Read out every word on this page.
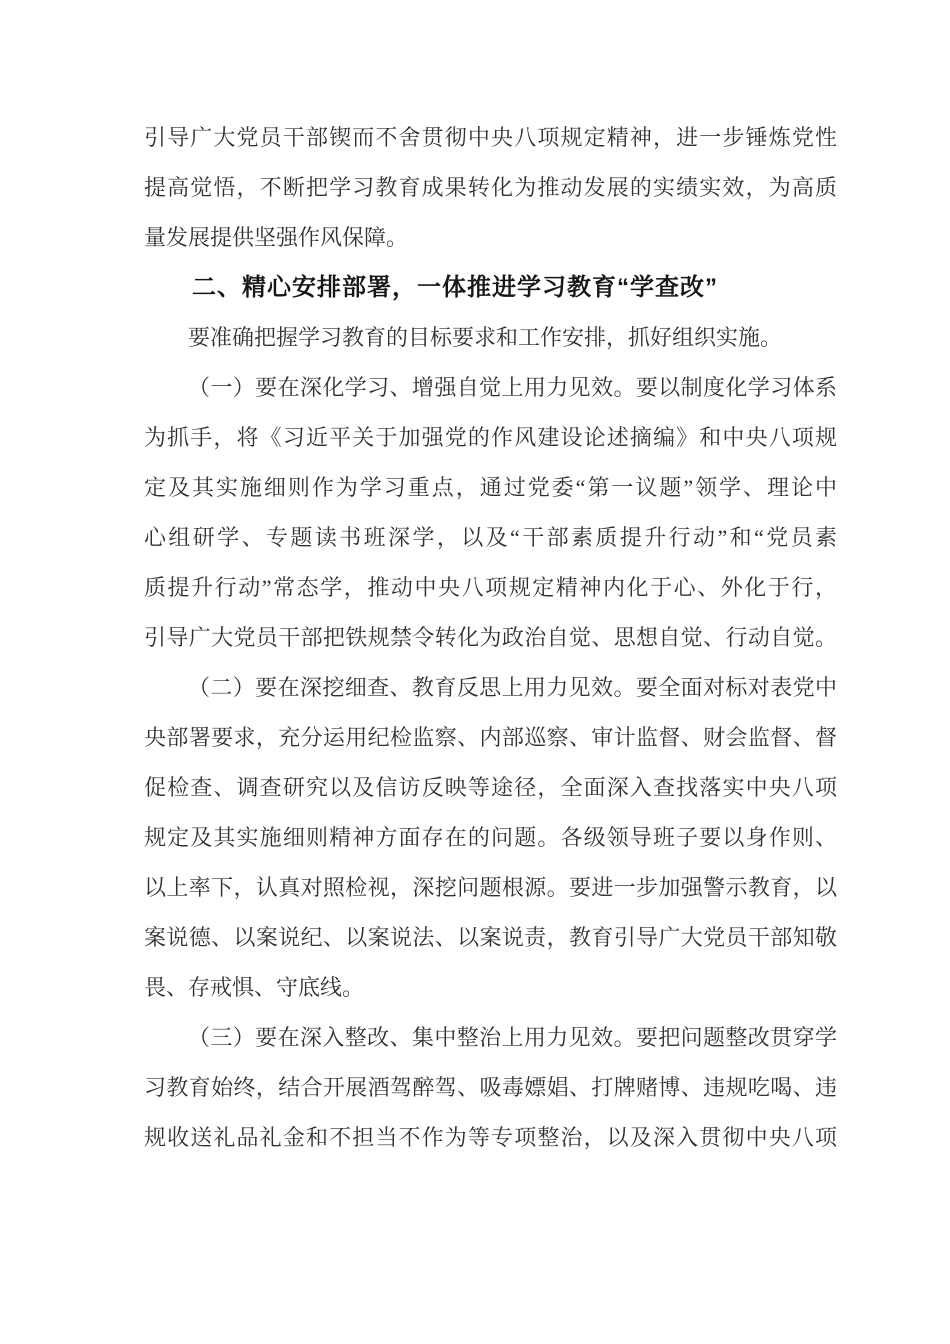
引导广大党员干部锲而不舍贯彻中央八项规定精神，进一步锤炼党性
提高觉悟，不断把学习教育成果转化为推动发展的实绩实效，为高质
量发展提供坚强作风保障。
二、精心安排部署，一体推进学习教育“学查改”
要准确把握学习教育的目标要求和工作安排，抓好组织实施。
（一）要在深化学习、增强自觉上用力见效。要以制度化学习体系
为抓手，将《习近平关于加强党的作风建设论述摘编》和中央八项规
定及其实施细则作为学习重点，通过党委“第一议题”领学、理论中
心组研学、专题读书班深学，以及“干部素质提升行动”和“党员素
质提升行动”常态学，推动中央八项规定精神内化于心、外化于行，
引导广大党员干部把铁规禁令转化为政治自觉、思想自觉、行动自觉。
（二）要在深挖细查、教育反思上用力见效。要全面对标对表党中
央部署要求，充分运用纪检监察、内部巡察、审计监督、财会监督、督
促检查、调查研究以及信访反映等途径，全面深入查找落实中央八项
规定及其实施细则精神方面存在的问题。各级领导班子要以身作则、
以上率下，认真对照检视，深挖问题根源。要进一步加强警示教育，以
案说德、以案说纪、以案说法、以案说责，教育引导广大党员干部知敬
畏、存戒惧、守底线。
（三）要在深入整改、集中整治上用力见效。要把问题整改贯穿学
习教育始终，结合开展酒驾醉驾、吸毒嫖娼、打牌赌博、违规吃喝、违
规收送礼品礼金和不担当不作为等专项整治，以及深入贯彻中央八项
